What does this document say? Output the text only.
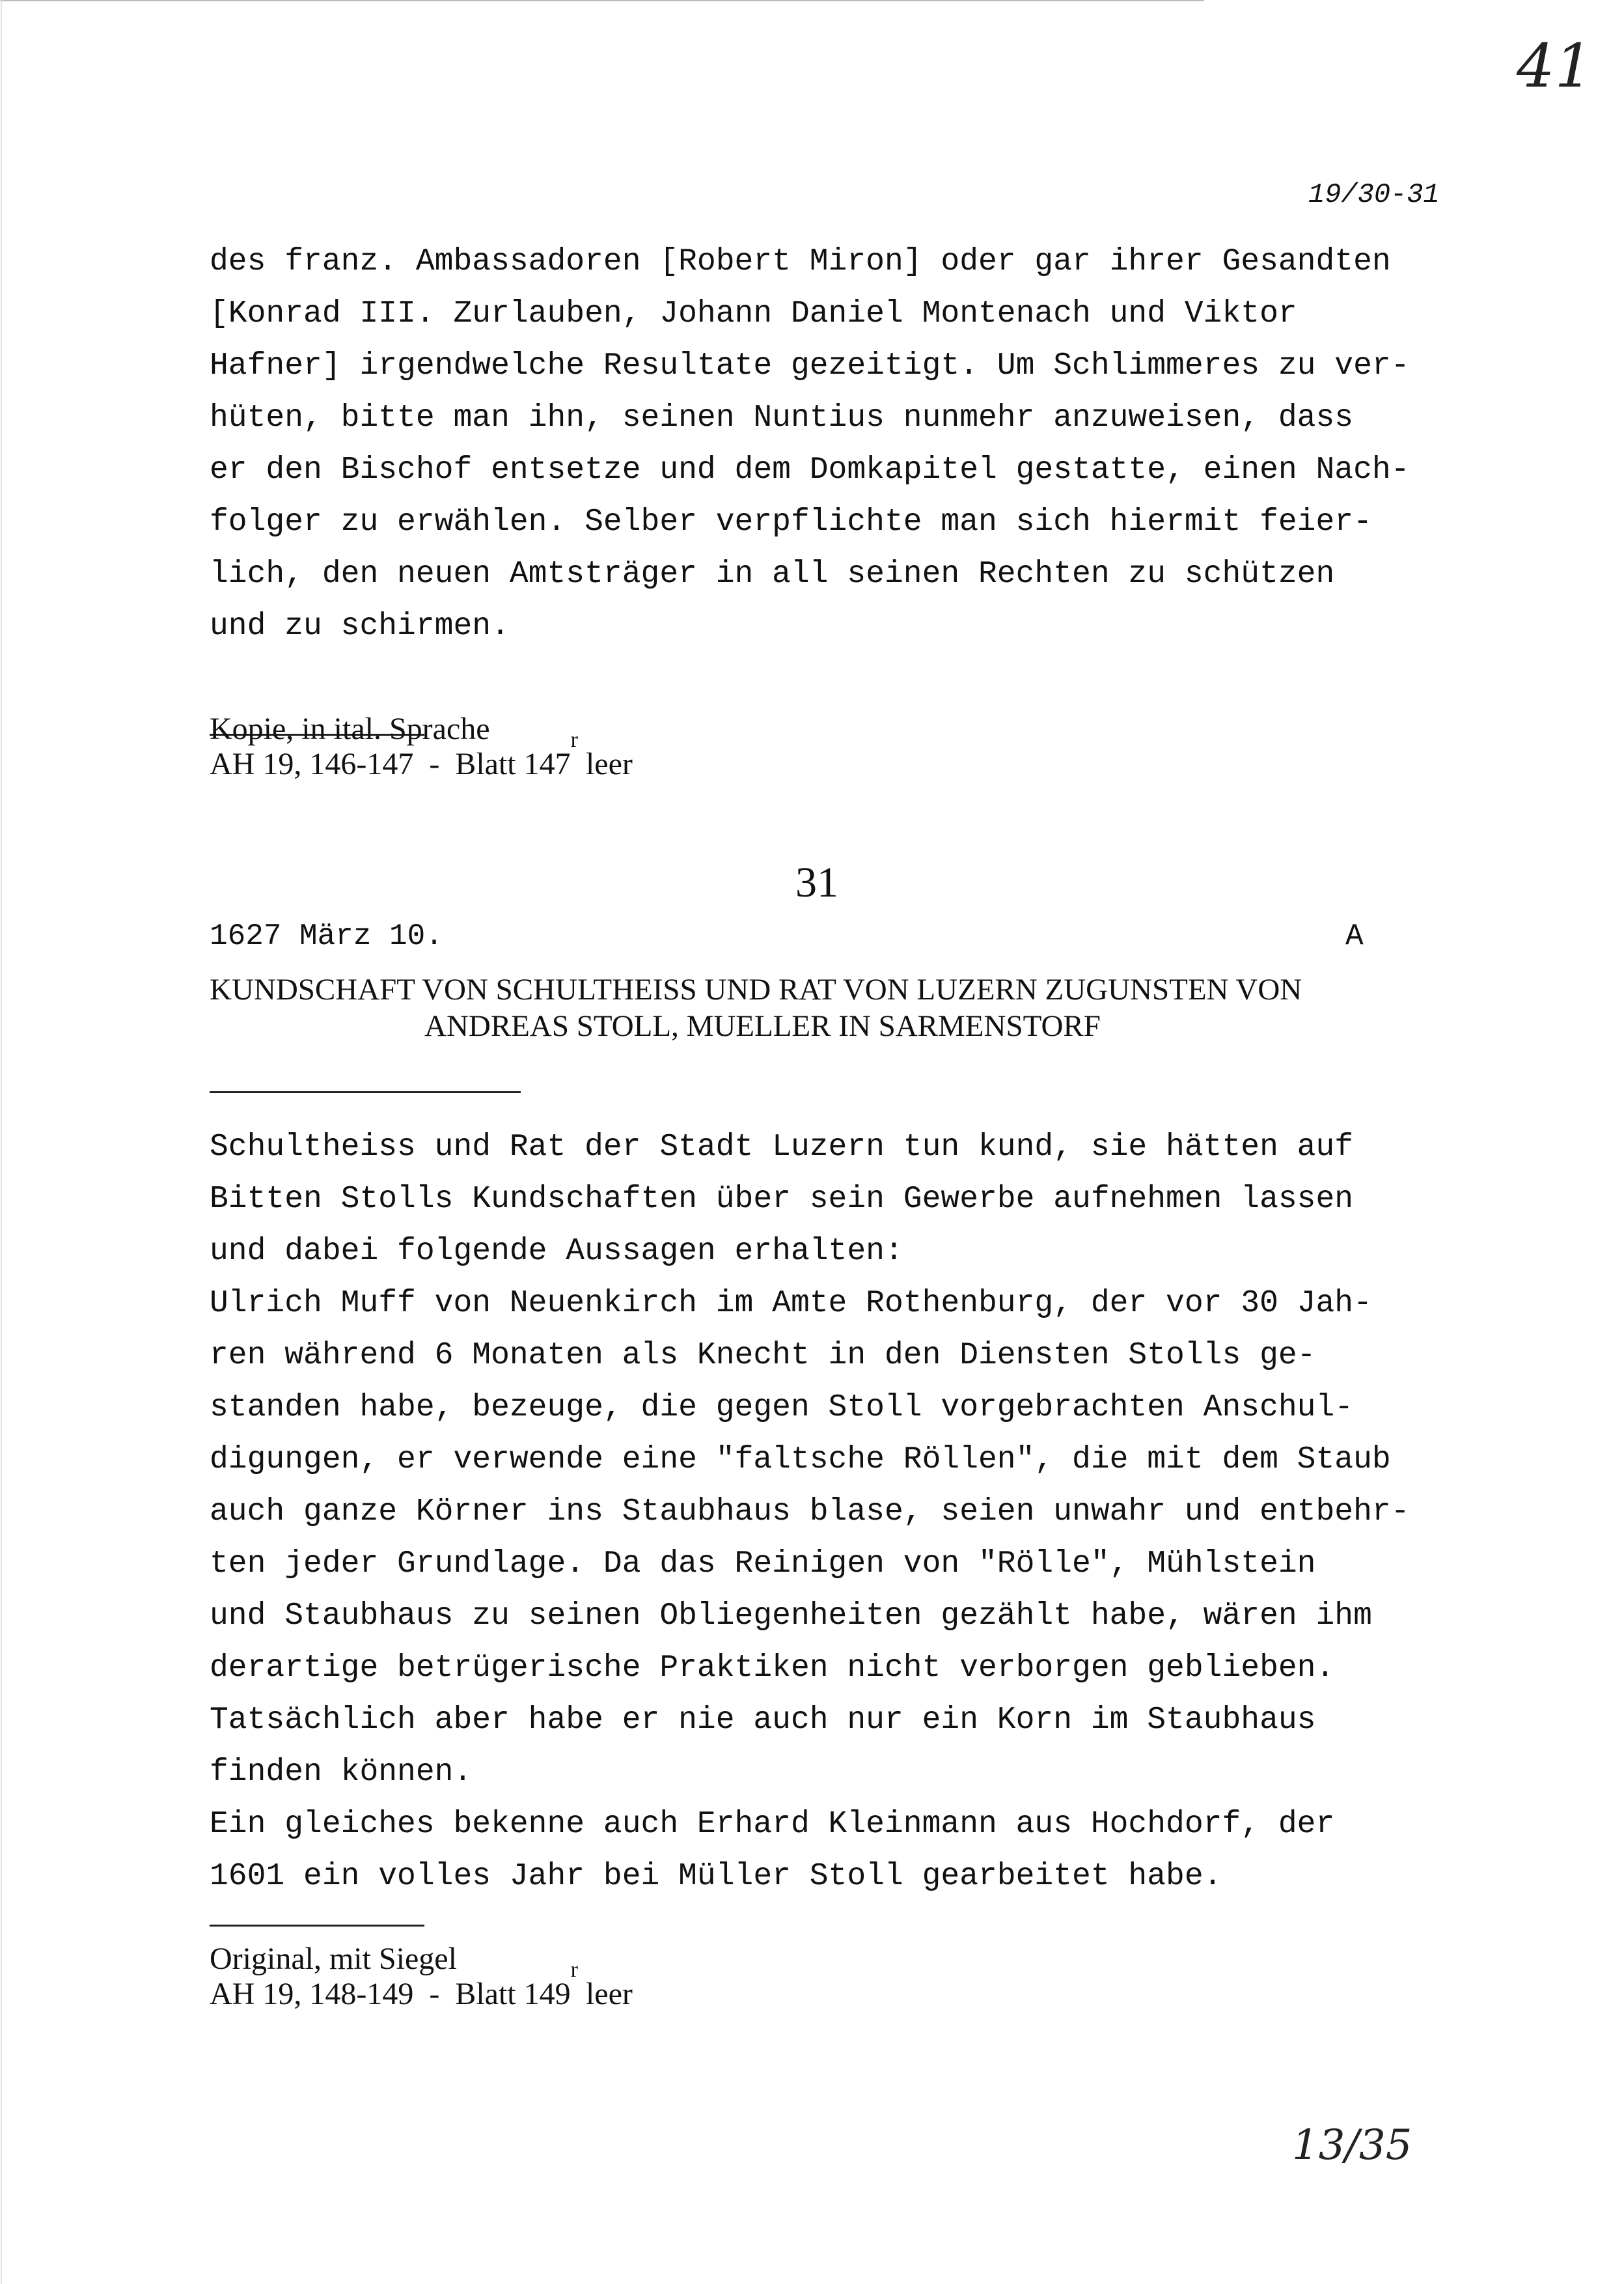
41
19/30-31
des franz. Ambassadoren [Robert Miron] oder gar ihrer Gesandten
[Konrad III. Zurlauben, Johann Daniel Montenach und Viktor
Hafner] irgendwelche Resultate gezeitigt. Um Schlimmeres zu ver-
hüten, bitte man ihn, seinen Nuntius nunmehr anzuweisen, dass
er den Bischof entsetze und dem Domkapitel gestatte, einen Nach-
folger zu erwählen. Selber verpflichte man sich hiermit feier-
lich, den neuen Amtsträger in all seinen Rechten zu schützen
und zu schirmen.
Kopie, in ital. Sprache
AH 19, 146-147  -  Blatt 147$^r$ leer
31
1627 März 10.	A
KUNDSCHAFT VON SCHULTHEISS UND RAT VON LUZERN ZUGUNSTEN VON
ANDREAS STOLL, MUELLER IN SARMENSTORF
Schultheiss und Rat der Stadt Luzern tun kund, sie hätten auf
Bitten Stolls Kundschaften über sein Gewerbe aufnehmen lassen
und dabei folgende Aussagen erhalten:
Ulrich Muff von Neuenkirch im Amte Rothenburg, der vor 30 Jah-
ren während 6 Monaten als Knecht in den Diensten Stolls ge-
standen habe, bezeuge, die gegen Stoll vorgebrachten Anschul-
digungen, er verwende eine "faltsche Röllen", die mit dem Staub
auch ganze Körner ins Staubhaus blase, seien unwahr und entbehr-
ten jeder Grundlage. Da das Reinigen von "Rölle", Mühlstein
und Staubhaus zu seinen Obliegenheiten gezählt habe, wären ihm
derartige betrügerische Praktiken nicht verborgen geblieben.
Tatsächlich aber habe er nie auch nur ein Korn im Staubhaus
finden können.
Ein gleiches bekenne auch Erhard Kleinmann aus Hochdorf, der
1601 ein volles Jahr bei Müller Stoll gearbeitet habe.
Original, mit Siegel
AH 19, 148-149  -  Blatt 149$^r$ leer
13/35
